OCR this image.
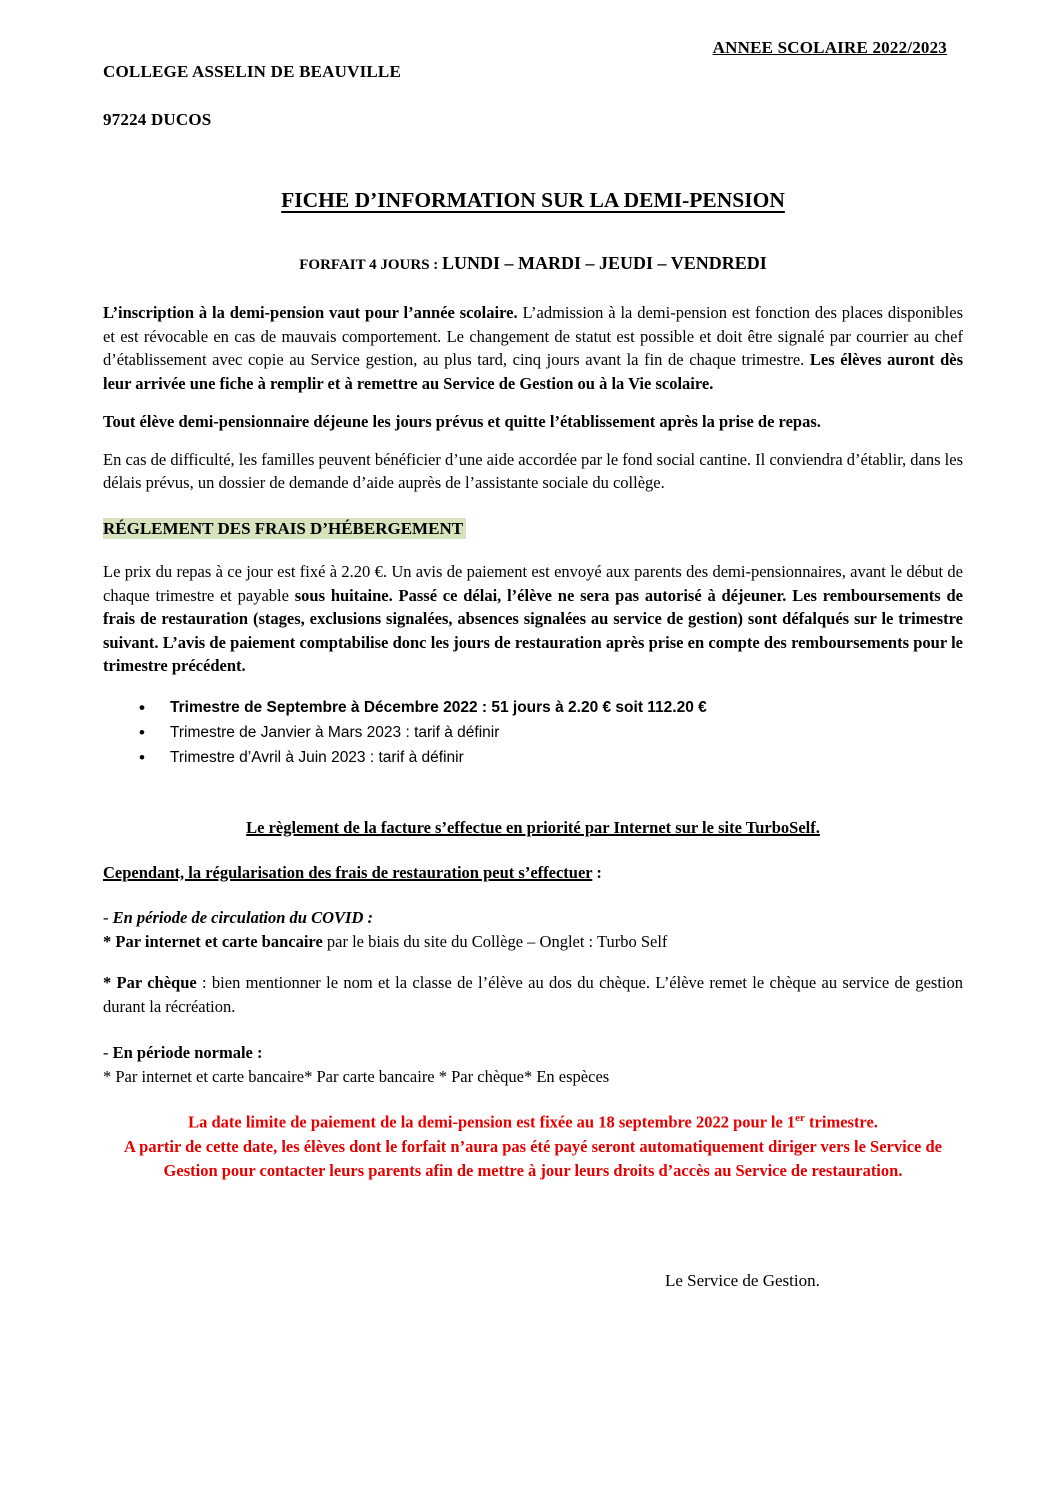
COLLEGE ASSELIN DE BEAUVILLE

97224 DUCOS

ANNEE SCOLAIRE 2022/2023
FICHE D’INFORMATION SUR LA DEMI-PENSION
FORFAIT 4 JOURS : LUNDI – MARDI – JEUDI – VENDREDI

L’inscription à la demi-pension vaut pour l’année scolaire. L’admission à la demi-pension est fonction des places disponibles et est révocable en cas de mauvais comportement. Le changement de statut est possible et doit être signalé par courrier au chef d’établissement avec copie au Service gestion, au plus tard, cinq jours avant la fin de chaque trimestre. Les élèves auront dès leur arrivée une fiche à remplir et à remettre au Service de Gestion ou à la Vie scolaire.

Tout élève demi-pensionnaire déjeune les jours prévus et quitte l’établissement après la prise de repas.

En cas de difficulté, les familles peuvent bénéficier d’une aide accordée par le fond social cantine. Il conviendra d’établir, dans les délais prévus, un dossier de demande d’aide auprès de l’assistante sociale du collège.

RÉGLEMENT DES FRAIS D’HÉBERGEMENT

Le prix du repas à ce jour est fixé à 2.20 €. Un avis de paiement est envoyé aux parents des demi-pensionnaires, avant le début de chaque trimestre et payable sous huitaine. Passé ce délai, l’élève ne sera pas autorisé à déjeuner. Les remboursements de frais de restauration (stages, exclusions signalées, absences signalées au service de gestion) sont défalqués sur le trimestre suivant. L’avis de paiement comptabilise donc les jours de restauration après prise en compte des remboursements pour le trimestre précédent.

• Trimestre de Septembre à Décembre 2022 : 51 jours à 2.20 € soit 112.20 €
• Trimestre de Janvier à Mars 2023 : tarif à définir
• Trimestre d’Avril à Juin 2023 : tarif à définir
Le règlement de la facture s’effectue en priorité par Internet sur le site TurboSelf.
Cependant, la régularisation des frais de restauration peut s’effectuer :
- En période de circulation du COVID :
* Par internet et carte bancaire par le biais du site du Collège – Onglet : Turbo Self

* Par chèque : bien mentionner le nom et la classe de l’élève au dos du chèque. L’élève remet le chèque au service de gestion durant la récréation.

- En période normale :
* Par internet et carte bancaire* Par carte bancaire * Par chèque* En espèces
La date limite de paiement de la demi-pension est fixée au 18 septembre 2022 pour le 1er trimestre.
A partir de cette date, les élèves dont le forfait n’aura pas été payé seront automatiquement diriger vers le Service de Gestion pour contacter leurs parents afin de mettre à jour leurs droits d’accès au Service de restauration.
Le Service de Gestion.
